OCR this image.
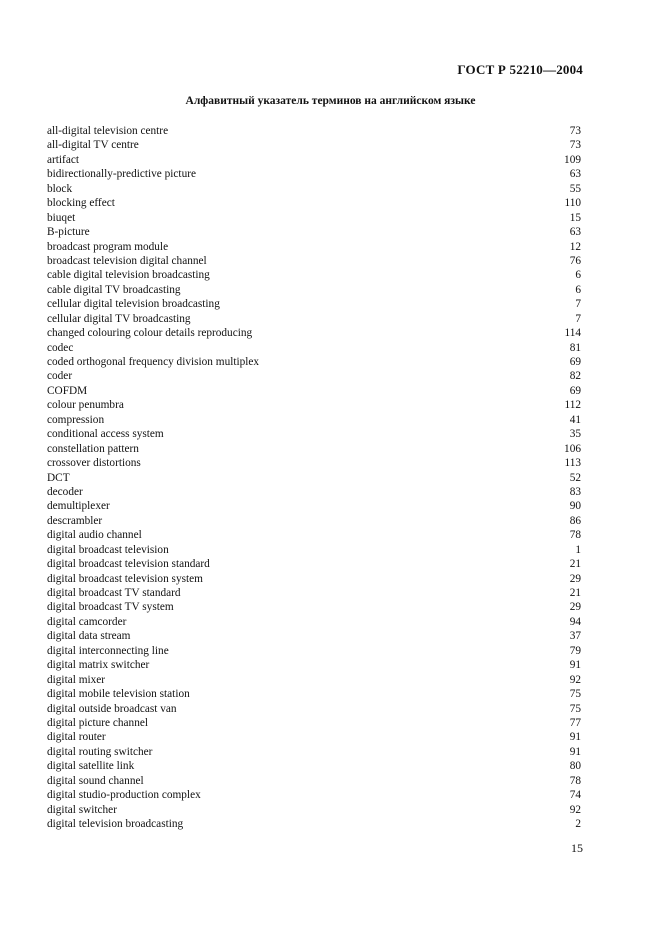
ГОСТ Р 52210—2004
Алфавитный указатель терминов на английском языке
all-digital television centre	73
all-digital TV centre	73
artifact	109
bidirectionally-predictive picture	63
block	55
blocking effect	110
biuqet	15
B-picture	63
broadcast program module	12
broadcast television digital channel	76
cable digital television broadcasting	6
cable digital TV broadcasting	6
cellular digital television broadcasting	7
cellular digital TV broadcasting	7
changed colouring colour details reproducing	114
codec	81
coded orthogonal frequency division multiplex	69
coder	82
COFDM	69
colour penumbra	112
compression	41
conditional access system	35
constellation pattern	106
crossover distortions	113
DCT	52
decoder	83
demultiplexer	90
descrambler	86
digital audio channel	78
digital broadcast television	1
digital broadcast television standard	21
digital broadcast television system	29
digital broadcast TV standard	21
digital broadcast TV system	29
digital camcorder	94
digital data stream	37
digital interconnecting line	79
digital matrix switcher	91
digital mixer	92
digital mobile television station	75
digital outside broadcast van	75
digital picture channel	77
digital router	91
digital routing switcher	91
digital satellite link	80
digital sound channel	78
digital studio-production complex	74
digital switcher	92
digital television broadcasting	2
15
